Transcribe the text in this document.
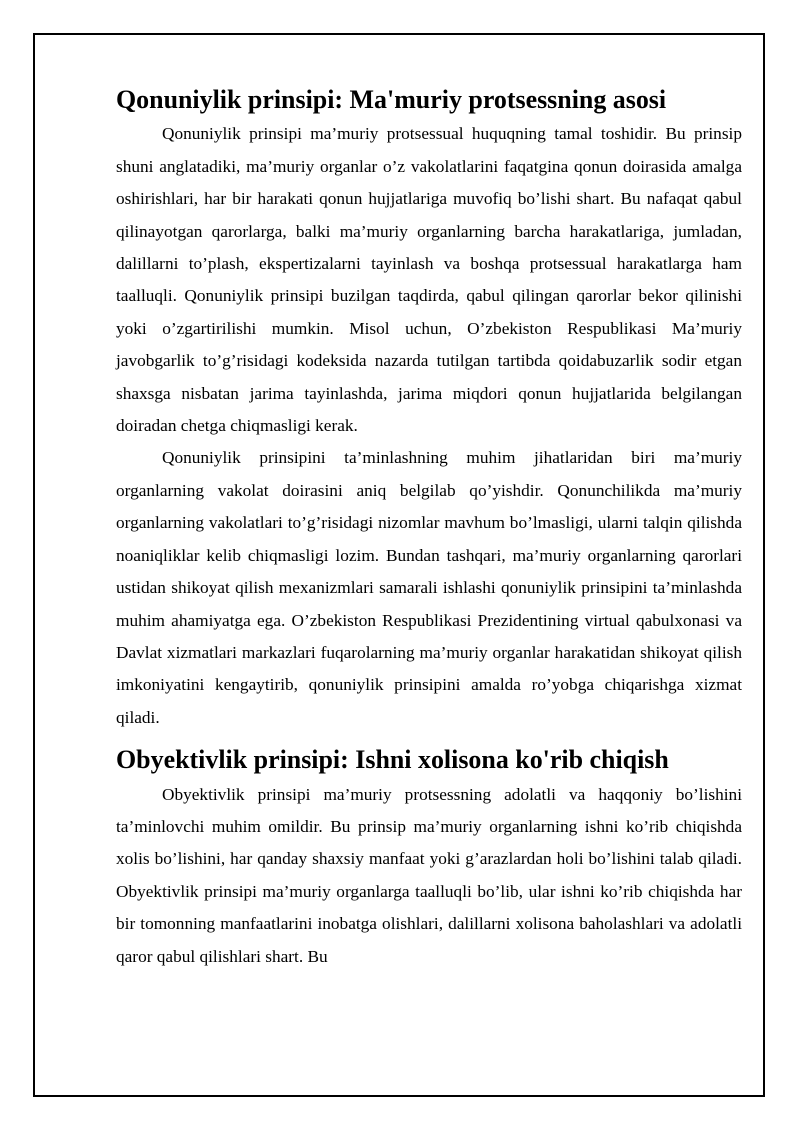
Qonuniylik prinsipi: Ma'muriy protsessning asosi

Qonuniylik prinsipi ma’muriy protsessual huquqning tamal toshidir. Bu prinsip shuni anglatadiki, ma’muriy organlar o’z vakolatlarini faqatgina qonun doirasida amalga oshirishlari, har bir harakati qonun hujjatlariga muvofiq bo’lishi shart. Bu nafaqat qabul qilinayotgan qarorlarga, balki ma’muriy organlarning barcha harakatlariga, jumladan, dalillarni to’plash, ekspertizalarni tayinlash va boshqa protsessual harakatlarga ham taalluqli. Qonuniylik prinsipi buzilgan taqdirda, qabul qilingan qarorlar bekor qilinishi yoki o’zgartirilishi mumkin. Misol uchun, O’zbekiston Respublikasi Ma’muriy javobgarlik to’g’risidagi kodeksida nazarda tutilgan tartibda qoidabuzarlik sodir etgan shaxsga nisbatan jarima tayinlashda, jarima miqdori qonun hujjatlarida belgilangan doiradan chetga chiqmasligi kerak.

Qonuniylik prinsipini ta’minlashning muhim jihatlaridan biri ma’muriy organlarning vakolat doirasini aniq belgilab qo’yishdir. Qonunchilikda ma’muriy organlarning vakolatlari to’g’risidagi nizomlar mavhum bo’lmasligi, ularni talqin qilishda noaniqliklar kelib chiqmasligi lozim. Bundan tashqari, ma’muriy organlarning qarorlari ustidan shikoyat qilish mexanizmlari samarali ishlashi qonuniylik prinsipini ta’minlashda muhim ahamiyatga ega. O’zbekiston Respublikasi Prezidentining virtual qabulxonasi va Davlat xizmatlari markazlari fuqarolarning ma’muriy organlar harakatidan shikoyat qilish imkoniyatini kengaytirib, qonuniylik prinsipini amalda ro’yobga chiqarishga xizmat qiladi.

Obyektivlik prinsipi: Ishni xolisona ko'rib chiqish

Obyektivlik prinsipi ma’muriy protsessning adolatli va haqqoniy bo’lishini ta’minlovchi muhim omildir. Bu prinsip ma’muriy organlarning ishni ko’rib chiqishda xolis bo’lishini, har qanday shaxsiy manfaat yoki g’arazlardan holi bo’lishini talab qiladi. Obyektivlik prinsipi ma’muriy organlarga taalluqli bo’lib, ular ishni ko’rib chiqishda har bir tomonning manfaatlarini inobatga olishlari, dalillarni xolisona baholashlari va adolatli qaror qabul qilishlari shart. Bu
